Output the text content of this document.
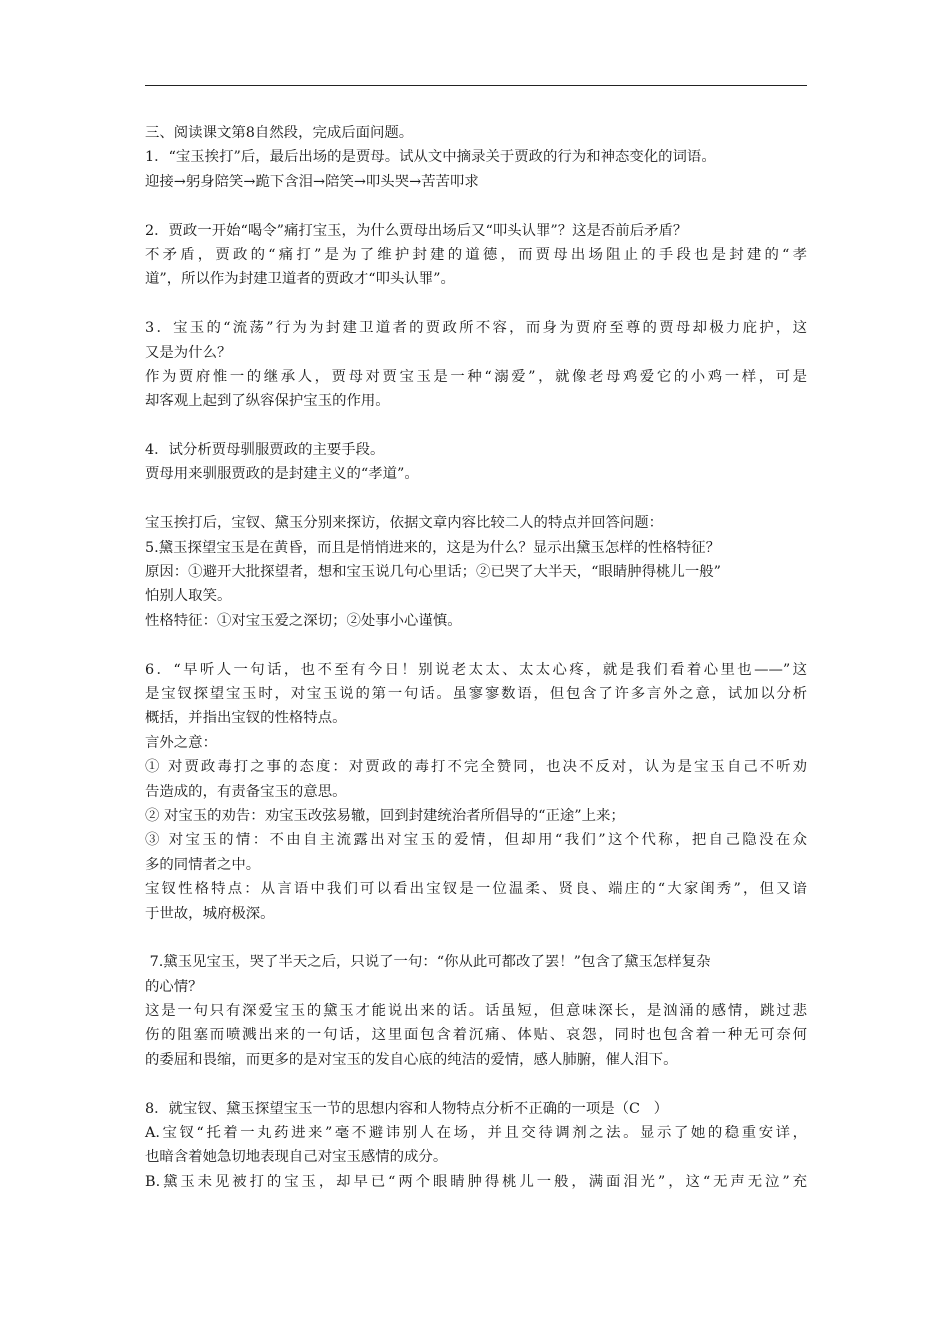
三、阅读课文第8自然段，完成后面问题。
1．“宝玉挨打”后，最后出场的是贾母。试从文中摘录关于贾政的行为和神态变化的词语。
迎接→躬身陪笑→跪下含泪→陪笑→叩头哭→苦苦叩求
2．贾政一开始“喝令”痛打宝玉，为什么贾母出场后又“叩头认罪”？这是否前后矛盾？
不矛盾，贾政的“痛打”是为了维护封建的道德，而贾母出场阻止的手段也是封建的“孝
道”，所以作为封建卫道者的贾政才“叩头认罪”。
3．宝玉的“流荡”行为为封建卫道者的贾政所不容，而身为贾府至尊的贾母却极力庇护，这
又是为什么？
作为贾府惟一的继承人，贾母对贾宝玉是一种“溺爱”，就像老母鸡爱它的小鸡一样，可是
却客观上起到了纵容保护宝玉的作用。
4．试分析贾母驯服贾政的主要手段。
贾母用来驯服贾政的是封建主义的“孝道”。
宝玉挨打后，宝钗、黛玉分别来探访，依据文章内容比较二人的特点并回答问题：
5.黛玉探望宝玉是在黄昏，而且是悄悄进来的，这是为什么？显示出黛玉怎样的性格特征？
原因：①避开大批探望者，想和宝玉说几句心里话；②已哭了大半天，“眼睛肿得桃儿一般”
怕别人取笑。
性格特征：①对宝玉爱之深切；②处事小心谨慎。
6．“早听人一句话，也不至有今日！别说老太太、太太心疼，就是我们看着心里也——”这
是宝钗探望宝玉时，对宝玉说的第一句话。虽寥寥数语，但包含了许多言外之意，试加以分析
概括，并指出宝钗的性格特点。
言外之意：
① 对贾政毒打之事的态度：对贾政的毒打不完全赞同，也决不反对，认为是宝玉自己不听劝
告造成的，有责备宝玉的意思。
② 对宝玉的劝告：劝宝玉改弦易辙，回到封建统治者所倡导的“正途”上来；
③ 对宝玉的情：不由自主流露出对宝玉的爱情，但却用“我们”这个代称，把自己隐没在众
多的同情者之中。
宝钗性格特点：从言语中我们可以看出宝钗是一位温柔、贤良、端庄的“大家闺秀”，但又谙
于世故，城府极深。
7.黛玉见宝玉，哭了半天之后，只说了一句：“你从此可都改了罢！”包含了黛玉怎样复杂
的心情？
这是一句只有深爱宝玉的黛玉才能说出来的话。话虽短，但意味深长，是汹涌的感情，跳过悲
伤的阻塞而喷溅出来的一句话，这里面包含着沉痛、体贴、哀怨，同时也包含着一种无可奈何
的委屈和畏缩，而更多的是对宝玉的发自心底的纯洁的爱情，感人肺腑，催人泪下。
8．就宝钗、黛玉探望宝玉一节的思想内容和人物特点分析不正确的一项是（C   ）
A.宝钗“托着一丸药进来”毫不避讳别人在场，并且交待调剂之法。显示了她的稳重安详，
也暗含着她急切地表现自己对宝玉感情的成分。
B.黛玉未见被打的宝玉，却早已“两个眼睛肿得桃儿一般，满面泪光”，这“无声无泣”充
